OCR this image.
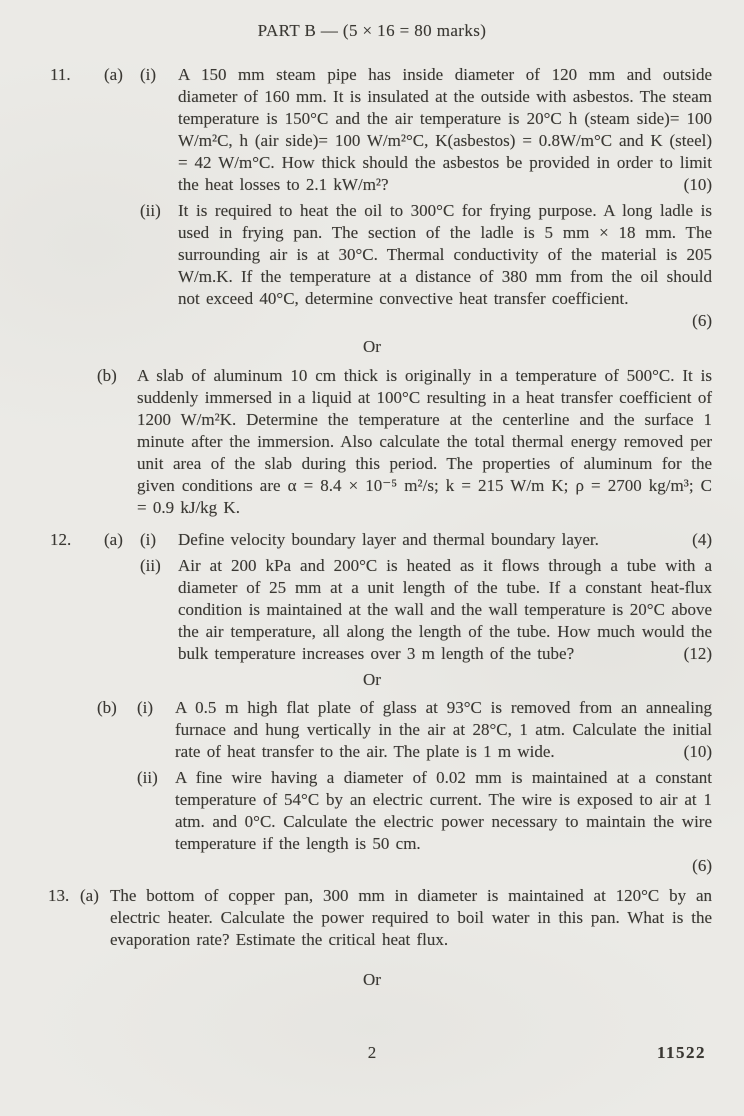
PART B — (5 × 16 = 80 marks)
11.	(a)	(i)	A 150 mm steam pipe has inside diameter of 120 mm and outside diameter of 160 mm. It is insulated at the outside with asbestos. The steam temperature is 150°C and the air temperature is 20°C h (steam side)= 100 W/m²C, h (air side)= 100 W/m²°C, K(asbestos) = 0.8W/m°C and K (steel) = 42 W/m°C. How thick should the asbestos be provided in order to limit the heat losses to 2.1 kW/m²?	(10)
(ii)	It is required to heat the oil to 300°C for frying purpose. A long ladle is used in frying pan. The section of the ladle is 5 mm × 18 mm. The surrounding air is at 30°C. Thermal conductivity of the material is 205 W/m.K. If the temperature at a distance of 380 mm from the oil should not exceed 40°C, determine convective heat transfer coefficient.
(6)
Or
(b)	A slab of aluminum 10 cm thick is originally in a temperature of 500°C. It is suddenly immersed in a liquid at 100°C resulting in a heat transfer coefficient of 1200 W/m²K. Determine the temperature at the centerline and the surface 1 minute after the immersion. Also calculate the total thermal energy removed per unit area of the slab during this period. The properties of aluminum for the given conditions are α = 8.4 × 10⁻⁵ m²/s; k = 215 W/m K; ρ = 2700 kg/m³; C = 0.9 kJ/kg K.
12.	(a)	(i)	Define velocity boundary layer and thermal boundary layer.	(4)
(ii)	Air at 200 kPa and 200°C is heated as it flows through a tube with a diameter of 25 mm at a unit length of the tube. If a constant heat-flux condition is maintained at the wall and the wall temperature is 20°C above the air temperature, all along the length of the tube. How much would the bulk temperature increases over 3 m length of the tube?	(12)
Or
(b)	(i)	A 0.5 m high flat plate of glass at 93°C is removed from an annealing furnace and hung vertically in the air at 28°C, 1 atm. Calculate the initial rate of heat transfer to the air. The plate is 1 m wide.	(10)
(ii)	A fine wire having a diameter of 0.02 mm is maintained at a constant temperature of 54°C by an electric current. The wire is exposed to air at 1 atm. and 0°C. Calculate the electric power necessary to maintain the wire temperature if the length is 50 cm.
(6)
13. (a) The bottom of copper pan, 300 mm in diameter is maintained at 120°C by an electric heater. Calculate the power required to boil water in this pan. What is the evaporation rate? Estimate the critical heat flux.
Or
2	11522
